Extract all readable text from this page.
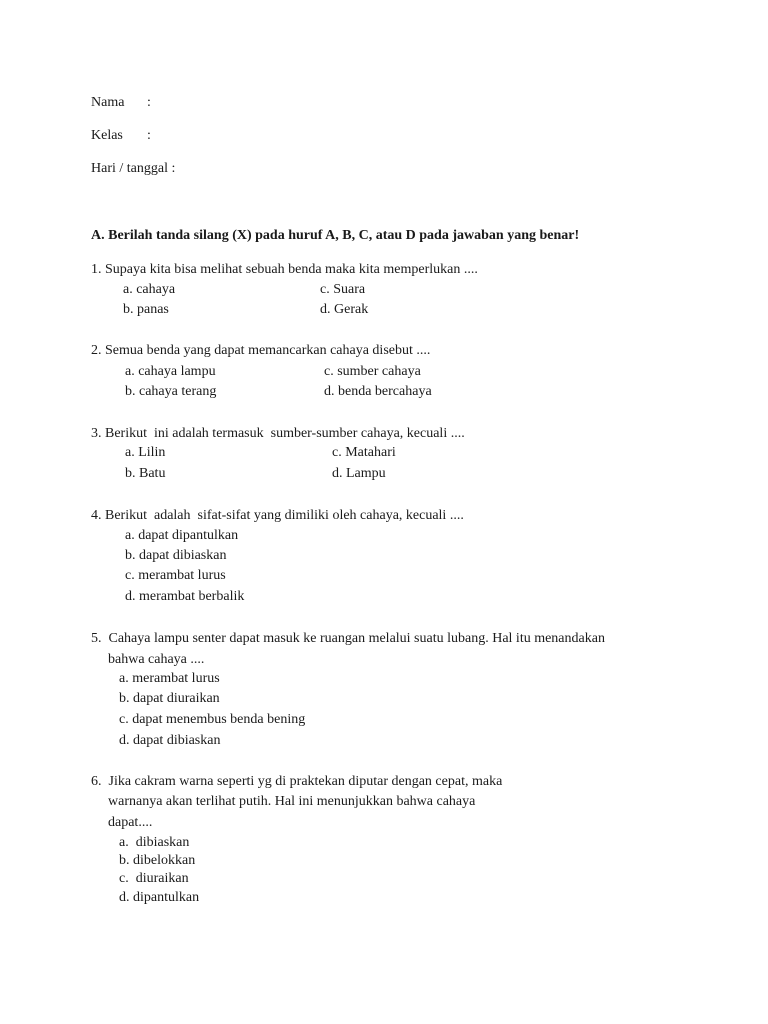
Nama :
Kelas :
Hari / tanggal :
A. Berilah tanda silang (X) pada huruf A, B, C, atau D pada jawaban yang benar!
1. Supaya kita bisa melihat sebuah benda maka kita memperlukan ....
a. cahaya
b. panas
c. Suara
d. Gerak
2. Semua benda yang dapat memancarkan cahaya disebut ....
a. cahaya lampu
b. cahaya terang
c. sumber cahaya
d. benda bercahaya
3. Berikut  ini adalah termasuk  sumber-sumber cahaya, kecuali ....
a. Lilin
b. Batu
c. Matahari
d. Lampu
4. Berikut  adalah  sifat-sifat yang dimiliki oleh cahaya, kecuali ....
a. dapat dipantulkan
b. dapat dibiaskan
c. merambat lurus
d. merambat berbalik
5.  Cahaya lampu senter dapat masuk ke ruangan melalui suatu lubang. Hal itu menandakan
bahwa cahaya ....
a. merambat lurus
b. dapat diuraikan
c. dapat menembus benda bening
d. dapat dibiaskan
6.  Jika cakram warna seperti yg di praktekan diputar dengan cepat, maka
warnanya akan terlihat putih. Hal ini menunjukkan bahwa cahaya
dapat....
a.  dibiaskan
b. dibelokkan
c.  diuraikan
d. dipantulkan
